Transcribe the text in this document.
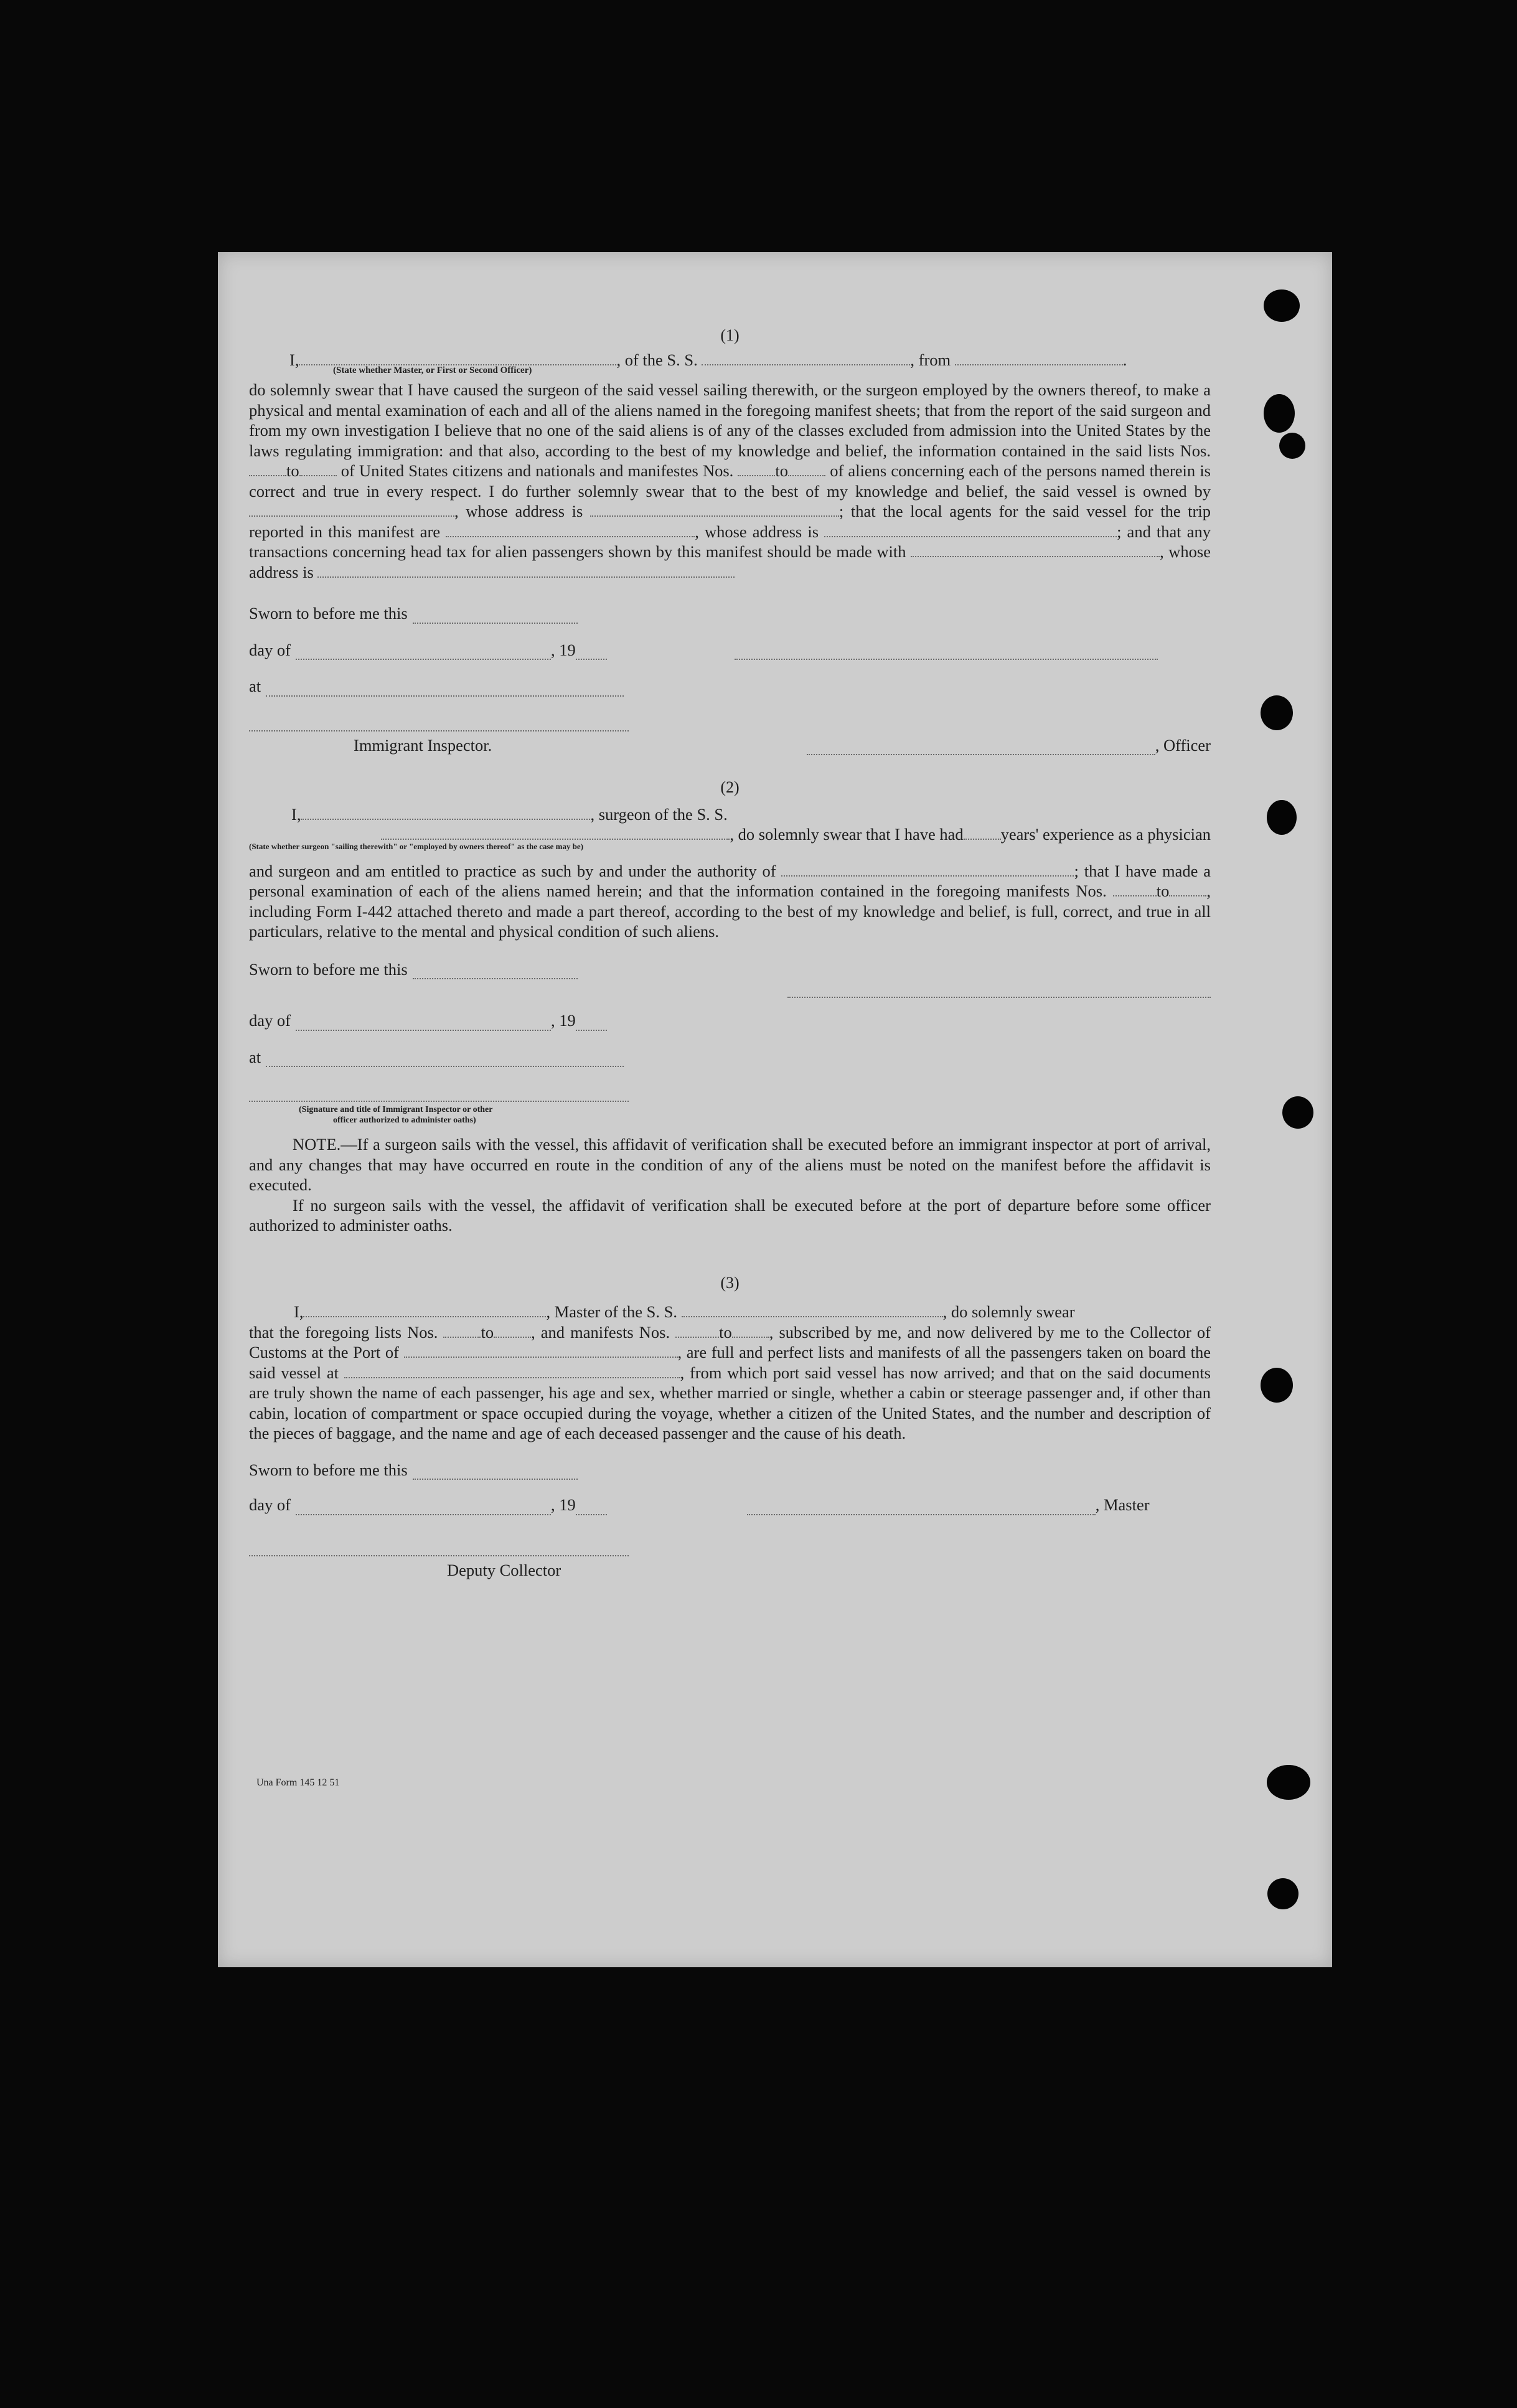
(1)
I,	, of the S. S.	, from	.
(State whether Master, or First or Second Officer)

do solemnly swear that I have caused the surgeon of the said vessel sailing therewith, or the surgeon employed by the owners thereof, to make a physical and mental examination of each and all of the aliens named in the foregoing manifest sheets; that from the report of the said surgeon and from my own investigation I believe that no one of the said aliens is of any of the classes excluded from admission into the United States by the laws regulating immigration: and that also, according to the best of my knowledge and belief, the information contained in the said lists Nos. to	of United States citizens and nationals and manifestes Nos.	to	of aliens concerning each of the persons named therein is correct and true in every respect. I do further solemnly swear that to the best of my knowledge and belief, the said vessel is owned by , whose address is	; that the local agents for the said vessel for the trip reported in this manifest are	, whose address is	; and that any transactions concerning head tax for alien passengers shown by this manifest should be made with	, whose address is

Sworn to before me this
day of	, 19
at
Immigrant Inspector.	, Officer
(2)
I,	, surgeon of the S. S.
, do solemnly swear that I have had years' experience as a physician
(State whether surgeon "sailing therewith" or "employed by owners thereof" as the case may be)

and surgeon and am entitled to practice as such by and under the authority of	; that I have made a personal examination of each of the aliens named herein; and that the information contained in the foregoing manifests Nos.	to , including Form I-442 attached thereto and made a part thereof, according to the best of my knowledge and belief, is full, correct, and true in all particulars, relative to the mental and physical condition of such aliens.

Sworn to before me this
day of	, 19
at
(Signature and title of Immigrant Inspector or other
officer authorized to administer oaths)

NOTE.—If a surgeon sails with the vessel, this affidavit of verification shall be executed before an immigrant inspector at port of arrival, and any changes that may have occurred en route in the condition of any of the aliens must be noted on the manifest before the affidavit is executed.

If no surgeon sails with the vessel, the affidavit of verification shall be executed before at the port of departure before some officer authorized to administer oaths.

(3)
I,	, Master of the S. S.	, do solemnly swear

that the foregoing lists Nos.	to , and manifests Nos.	to , subscribed by me, and now delivered by me to the Collector of Customs at the Port of	, are full and perfect lists and manifests of all the passengers taken on board the said vessel at	, from which port said vessel has now arrived; and that on the said documents are truly shown the name of each passenger, his age and sex, whether married or single, whether a cabin or steerage passenger and, if other than cabin, location of compartment or space occupied during the voyage, whether a citizen of the United States, and the number and description of the pieces of baggage, and the name and age of each deceased passenger and the cause of his death.

Sworn to before me this
day of	, 19	, Master
Deputy Collector
Una Form 145 12 51
